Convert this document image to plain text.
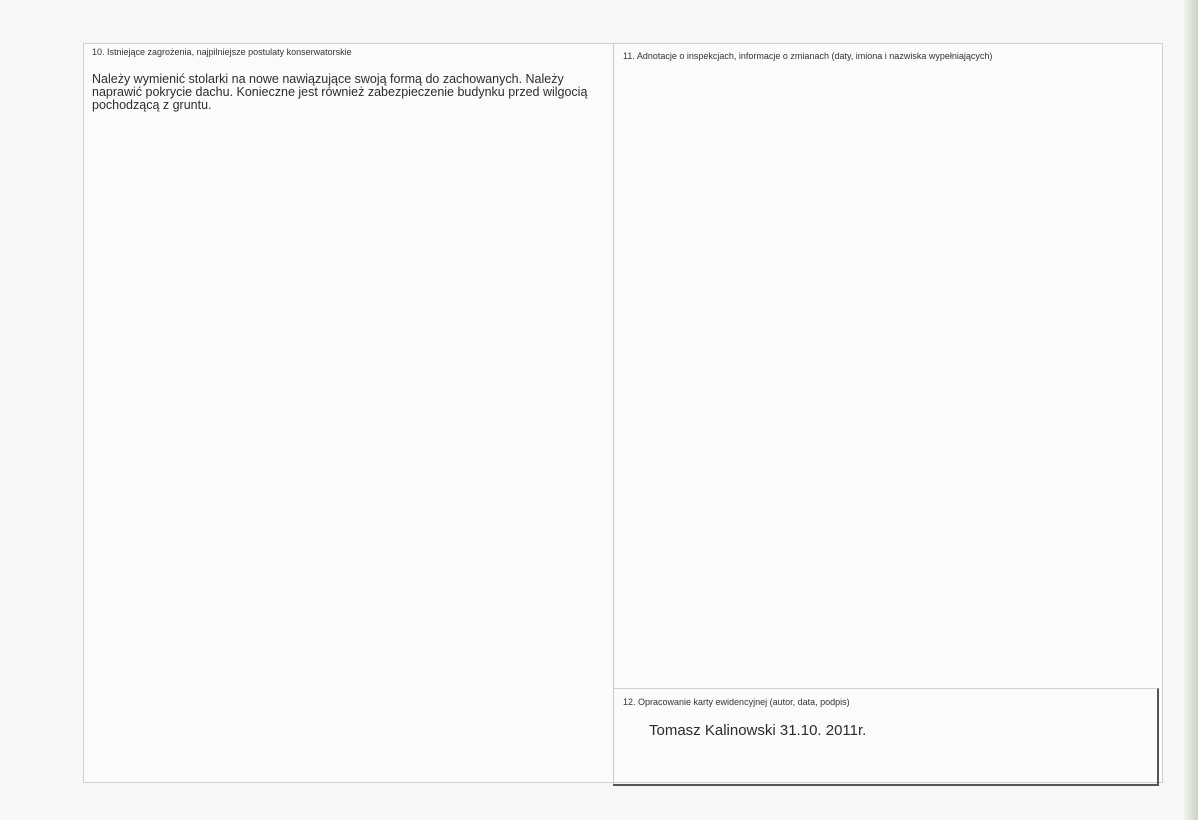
10. Istniejące zagrożenia, najpilniejsze postulaty konserwatorskie
Należy wymienić stolarki na nowe nawiązujące swoją formą do zachowanych. Należy naprawić pokrycie dachu. Konieczne jest również zabezpieczenie budynku przed wilgocią pochodzącą z gruntu.
11. Adnotacje o inspekcjach, informacje o zmianach (daty, imiona i nazwiska wypełniających)
12. Opracowanie karty ewidencyjnej (autor, data, podpis)
Tomasz Kalinowski 31.10. 2011r.
